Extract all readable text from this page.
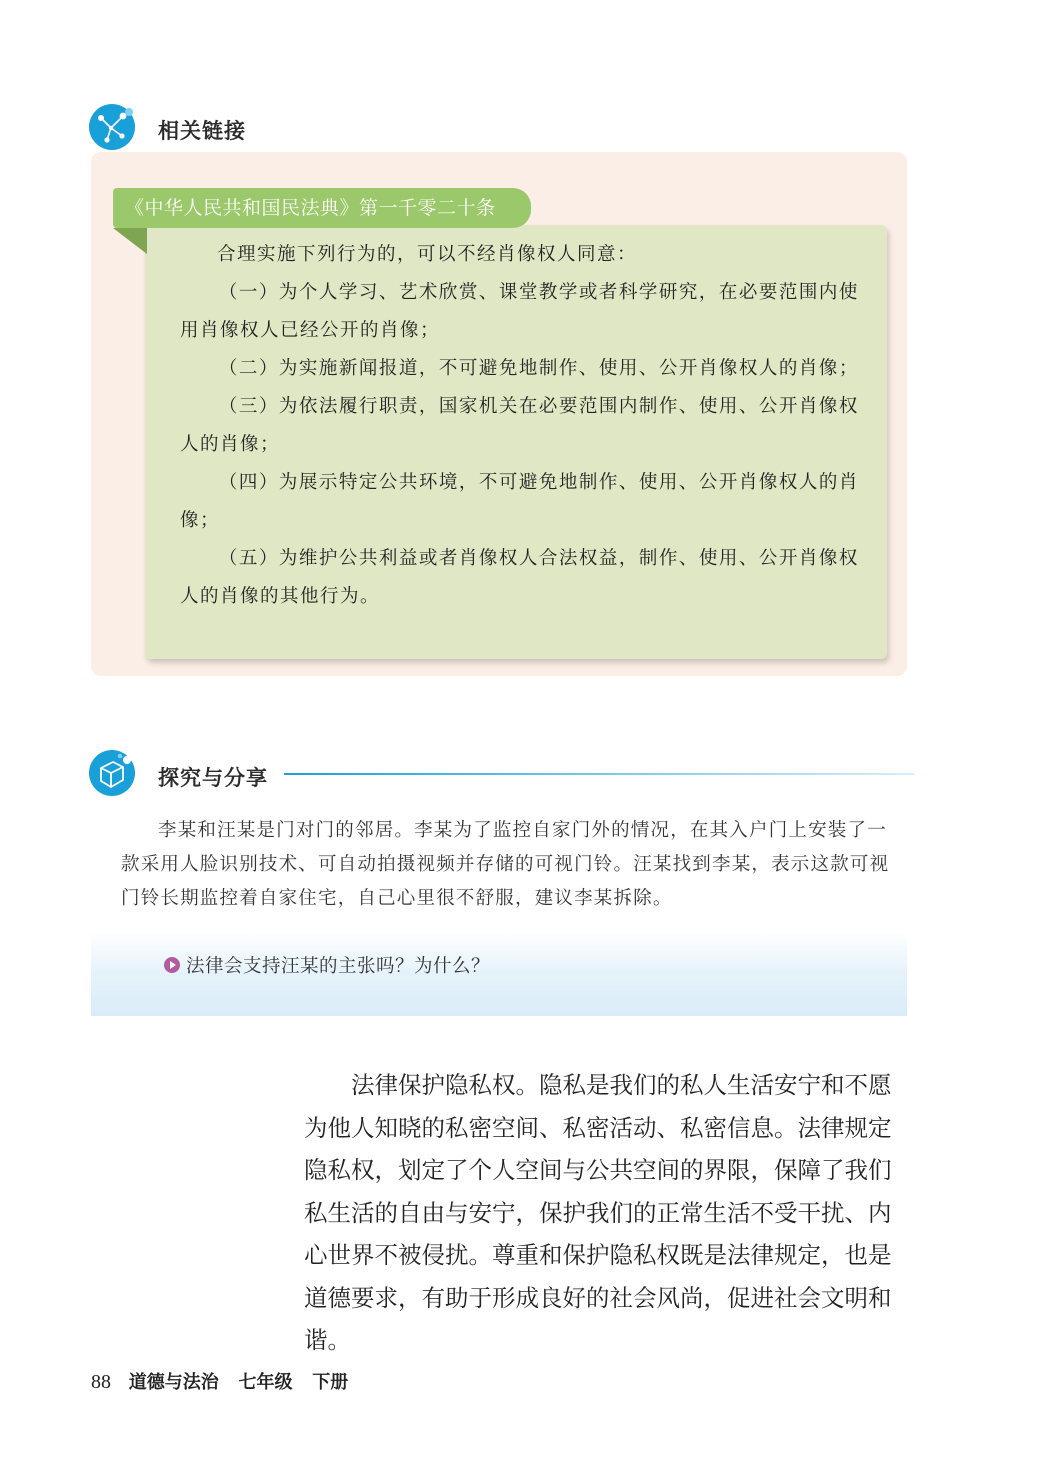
相关链接
《中华人民共和国民法典》第一千零二十条

合理实施下列行为的，可以不经肖像权人同意：

（一）为个人学习、艺术欣赏、课堂教学或者科学研究，在必要范围内使用肖像权人已经公开的肖像；

（二）为实施新闻报道，不可避免地制作、使用、公开肖像权人的肖像；

（三）为依法履行职责，国家机关在必要范围内制作、使用、公开肖像权人的肖像；

（四）为展示特定公共环境，不可避免地制作、使用、公开肖像权人的肖像；

（五）为维护公共利益或者肖像权人合法权益，制作、使用、公开肖像权人的肖像的其他行为。

探究与分享

李某和汪某是门对门的邻居。李某为了监控自家门外的情况，在其入户门上安装了一款采用人脸识别技术、可自动拍摄视频并存储的可视门铃。汪某找到李某，表示这款可视门铃长期监控着自家住宅，自己心里很不舒服，建议李某拆除。

法律会支持汪某的主张吗？为什么？

法律保护隐私权。隐私是我们的私人生活安宁和不愿为他人知晓的私密空间、私密活动、私密信息。法律规定隐私权，划定了个人空间与公共空间的界限，保障了我们私生活的自由与安宁，保护我们的正常生活不受干扰、内心世界不被侵扰。尊重和保护隐私权既是法律规定，也是道德要求，有助于形成良好的社会风尚，促进社会文明和谐。

88 道德与法治 七年级 下册
